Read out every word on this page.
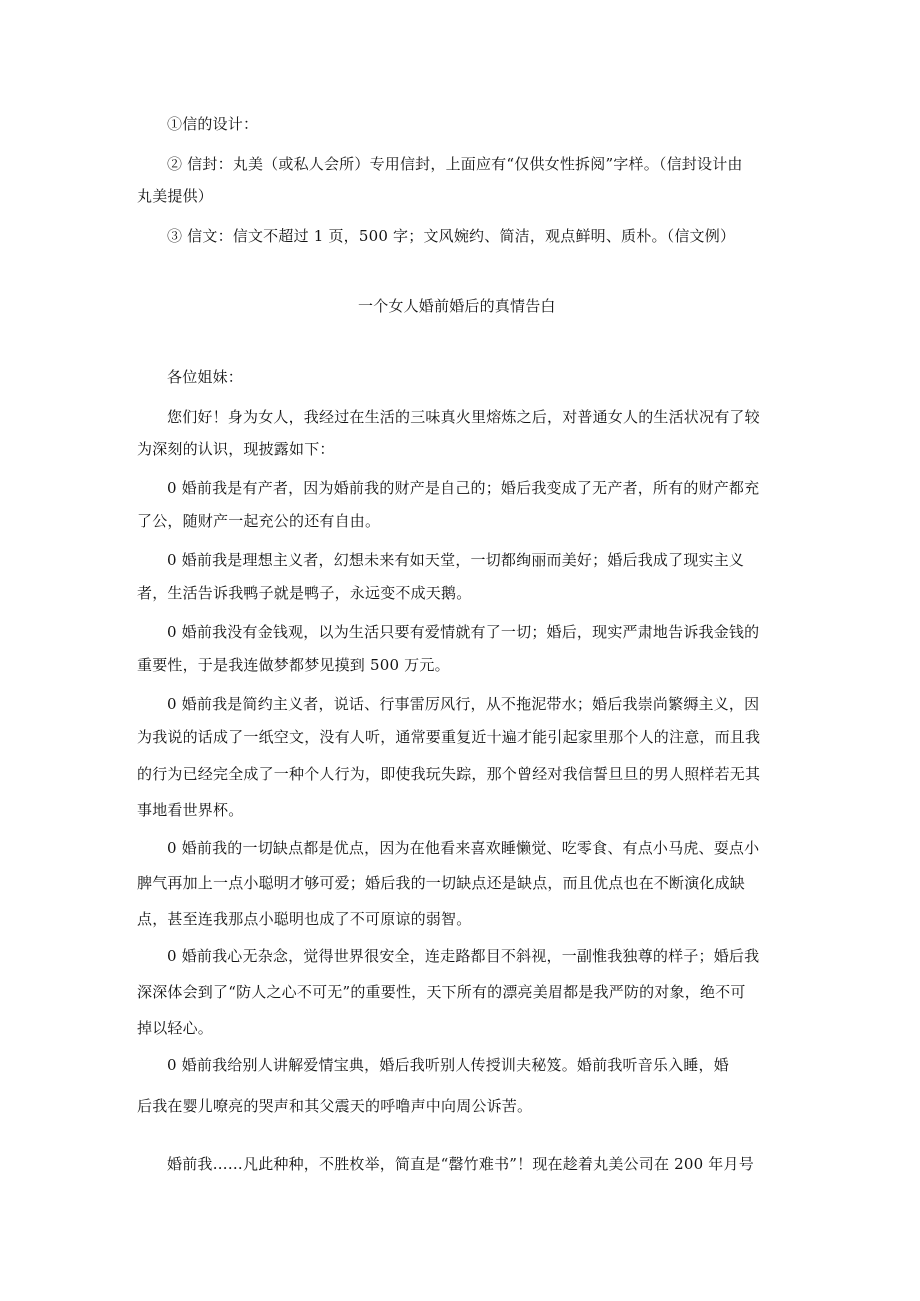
①信的设计：
② 信封：丸美（或私人会所）专用信封，上面应有“仅供女性拆阅”字样。（信封设计由
丸美提供）
③ 信文：信文不超过 1 页，500 字；文风婉约、简洁，观点鲜明、质朴。（信文例）
一个女人婚前婚后的真情告白
各位姐妹：
您们好！身为女人，我经过在生活的三味真火里熔炼之后，对普通女人的生活状况有了较
为深刻的认识，现披露如下：
0 婚前我是有产者，因为婚前我的财产是自己的；婚后我变成了无产者，所有的财产都充
了公，随财产一起充公的还有自由。
0 婚前我是理想主义者，幻想未来有如天堂，一切都绚丽而美好；婚后我成了现实主义
者，生活告诉我鸭子就是鸭子，永远变不成天鹅。
0 婚前我没有金钱观，以为生活只要有爱情就有了一切；婚后，现实严肃地告诉我金钱的
重要性，于是我连做梦都梦见摸到 500 万元。
0 婚前我是简约主义者，说话、行事雷厉风行，从不拖泥带水；婚后我崇尚繁缛主义，因
为我说的话成了一纸空文，没有人听，通常要重复近十遍才能引起家里那个人的注意，而且我
的行为已经完全成了一种个人行为，即使我玩失踪，那个曾经对我信誓旦旦的男人照样若无其
事地看世界杯。
0 婚前我的一切缺点都是优点，因为在他看来喜欢睡懒觉、吃零食、有点小马虎、耍点小
脾气再加上一点小聪明才够可爱；婚后我的一切缺点还是缺点，而且优点也在不断演化成缺
点，甚至连我那点小聪明也成了不可原谅的弱智。
0 婚前我心无杂念，觉得世界很安全，连走路都目不斜视，一副惟我独尊的样子；婚后我
深深体会到了“防人之心不可无”的重要性，天下所有的漂亮美眉都是我严防的对象，绝不可
掉以轻心。
0 婚前我给别人讲解爱情宝典，婚后我听别人传授训夫秘笈。婚前我听音乐入睡，婚
后我在婴儿嘹亮的哭声和其父震天的呼噜声中向周公诉苦。
婚前我……凡此种种，不胜枚举，简直是“罄竹难书”！现在趁着丸美公司在 200 年月号
